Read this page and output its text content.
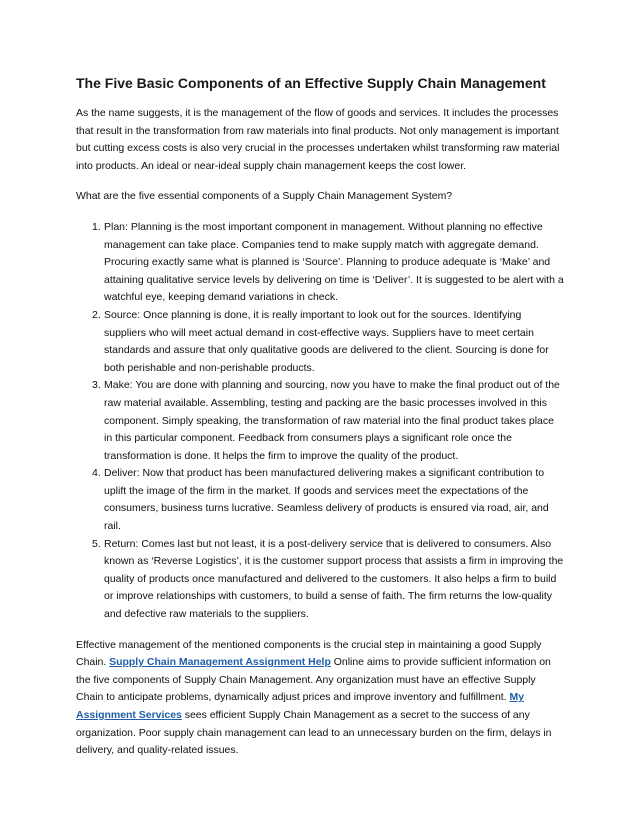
The Five Basic Components of an Effective Supply Chain Management

As the name suggests, it is the management of the flow of goods and services. It includes the processes that result in the transformation from raw materials into final products. Not only management is important but cutting excess costs is also very crucial in the processes undertaken whilst transforming raw material into products. An ideal or near-ideal supply chain management keeps the cost lower.

What are the five essential components of a Supply Chain Management System?

1. Plan: Planning is the most important component in management. Without planning no effective management can take place. Companies tend to make supply match with aggregate demand. Procuring exactly same what is planned is ‘Source’. Planning to produce adequate is ‘Make’ and attaining qualitative service levels by delivering on time is ‘Deliver’. It is suggested to be alert with a watchful eye, keeping demand variations in check.
2. Source: Once planning is done, it is really important to look out for the sources. Identifying suppliers who will meet actual demand in cost-effective ways. Suppliers have to meet certain standards and assure that only qualitative goods are delivered to the client. Sourcing is done for both perishable and non-perishable products.
3. Make: You are done with planning and sourcing, now you have to make the final product out of the raw material available. Assembling, testing and packing are the basic processes involved in this component. Simply speaking, the transformation of raw material into the final product takes place in this particular component. Feedback from consumers plays a significant role once the transformation is done. It helps the firm to improve the quality of the product.
4. Deliver: Now that product has been manufactured delivering makes a significant contribution to uplift the image of the firm in the market. If goods and services meet the expectations of the consumers, business turns lucrative. Seamless delivery of products is ensured via road, air, and rail.
5. Return: Comes last but not least, it is a post-delivery service that is delivered to consumers. Also known as ‘Reverse Logistics’, it is the customer support process that assists a firm in improving the quality of products once manufactured and delivered to the customers. It also helps a firm to build or improve relationships with customers, to build a sense of faith. The firm returns the low-quality and defective raw materials to the suppliers.

Effective management of the mentioned components is the crucial step in maintaining a good Supply Chain. Supply Chain Management Assignment Help Online aims to provide sufficient information on the five components of Supply Chain Management. Any organization must have an effective Supply Chain to anticipate problems, dynamically adjust prices and improve inventory and fulfillment. My Assignment Services sees efficient Supply Chain Management as a secret to the success of any organization. Poor supply chain management can lead to an unnecessary burden on the firm, delays in delivery, and quality-related issues.
